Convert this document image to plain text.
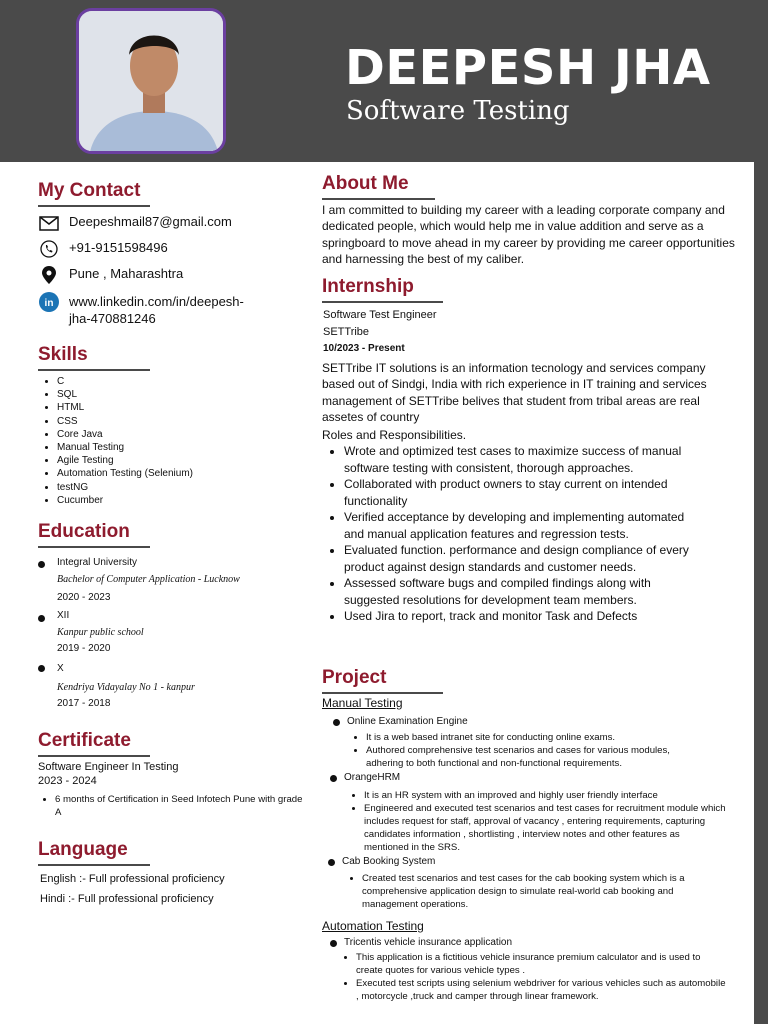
DEEPESH JHA
Software Testing
My Contact
Deepeshmail87@gmail.com
+91-9151598496
Pune , Maharashtra
in www.linkedin.com/in/deepesh-
jha-470881246
Skills
• C
• SQL
• HTML
• CSS
• Core Java
• Manual Testing
• Agile Testing
• Automation Testing (Selenium)
• testNG
• Cucumber
Education
Integral University
Bachelor of Computer Application - Lucknow
2020 - 2023
XII
Kanpur public school
2019 - 2020
X
Kendriya Vidayalay No 1 - kanpur
2017 - 2018
Certificate
Software Engineer In Testing
2023 - 2024
• 6 months of Certification in Seed Infotech Pune with grade A
Language
English :- Full professional proficiency
Hindi :- Full professional proficiency
About Me
I am committed to building my career with a leading corporate company and dedicated people, which would help me in value addition and serve as a springboard to move ahead in my career by providing me career opportunities and harnessing the best of my caliber.
Internship
Software Test Engineer
SETTribe
10/2023 - Present
SETTribe IT solutions is an information tecnology and services company based out of Sindgi, India with rich experience in IT training and services management of SETTribe belives that student from tribal areas are real assetes of country
Roles and Responsibilities.
• Wrote and optimized test cases to maximize success of manual software testing with consistent, thorough approaches.
• Collaborated with product owners to stay current on intended functionality
• Verified acceptance by developing and implementing automated and manual application features and regression tests.
• Evaluated function. performance and design compliance of every product against design standards and customer needs.
• Assessed software bugs and compiled findings along with suggested resolutions for development team members.
• Used Jira to report, track and monitor Task and Defects
Project
Manual Testing
Online Examination Engine
• It is a web based intranet site for conducting online exams.
• Authored comprehensive test scenarios and cases for various modules, adhering to both functional and non-functional requirements.
OrangeHRM
• It is an HR system with an improved and highly user friendly interface
• Engineered and executed test scenarios and test cases for recruitment module which includes request for staff, approval of vacancy , entering requirements, capturing candidates information , shortlisting , interview notes and other features as mentioned in the SRS.
Cab Booking System
• Created test scenarios and test cases for the cab booking system which is a comprehensive application design to simulate real-world cab booking and management operations.
Automation Testing
Tricentis vehicle insurance application
• This application is a fictitious vehicle insurance premium calculator and is used to create quotes for various vehicle types .
• Executed test scripts using selenium webdriver for various vehicles such as automobile , motorcycle ,truck and camper through linear framework.
